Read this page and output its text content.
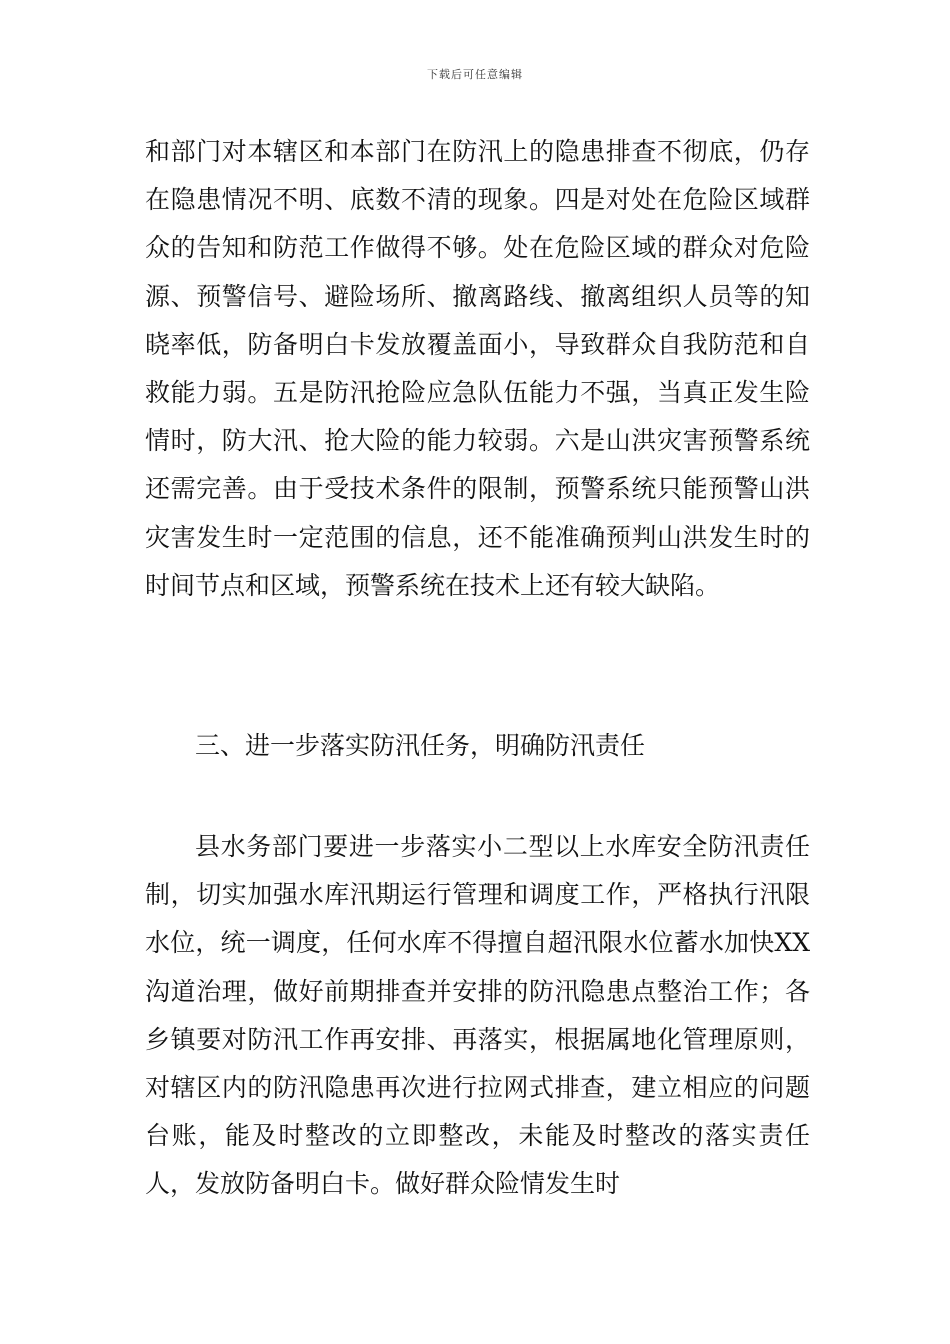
下载后可任意编辑
和部门对本辖区和本部门在防汛上的隐患排查不彻底，仍存在隐患情况不明、底数不清的现象。四是对处在危险区域群众的告知和防范工作做得不够。处在危险区域的群众对危险源、预警信号、避险场所、撤离路线、撤离组织人员等的知晓率低，防备明白卡发放覆盖面小，导致群众自我防范和自救能力弱。五是防汛抢险应急队伍能力不强，当真正发生险情时，防大汛、抢大险的能力较弱。六是山洪灾害预警系统还需完善。由于受技术条件的限制，预警系统只能预警山洪灾害发生时一定范围的信息，还不能准确预判山洪发生时的时间节点和区域，预警系统在技术上还有较大缺陷。
三、进一步落实防汛任务，明确防汛责任
县水务部门要进一步落实小二型以上水库安全防汛责任制，切实加强水库汛期运行管理和调度工作，严格执行汛限水位，统一调度，任何水库不得擅自超汛限水位蓄水加快XX沟道治理，做好前期排查并安排的防汛隐患点整治工作；各乡镇要对防汛工作再安排、再落实，根据属地化管理原则，对辖区内的防汛隐患再次进行拉网式排查，建立相应的问题台账，能及时整改的立即整改，未能及时整改的落实责任人，发放防备明白卡。做好群众险情发生时
